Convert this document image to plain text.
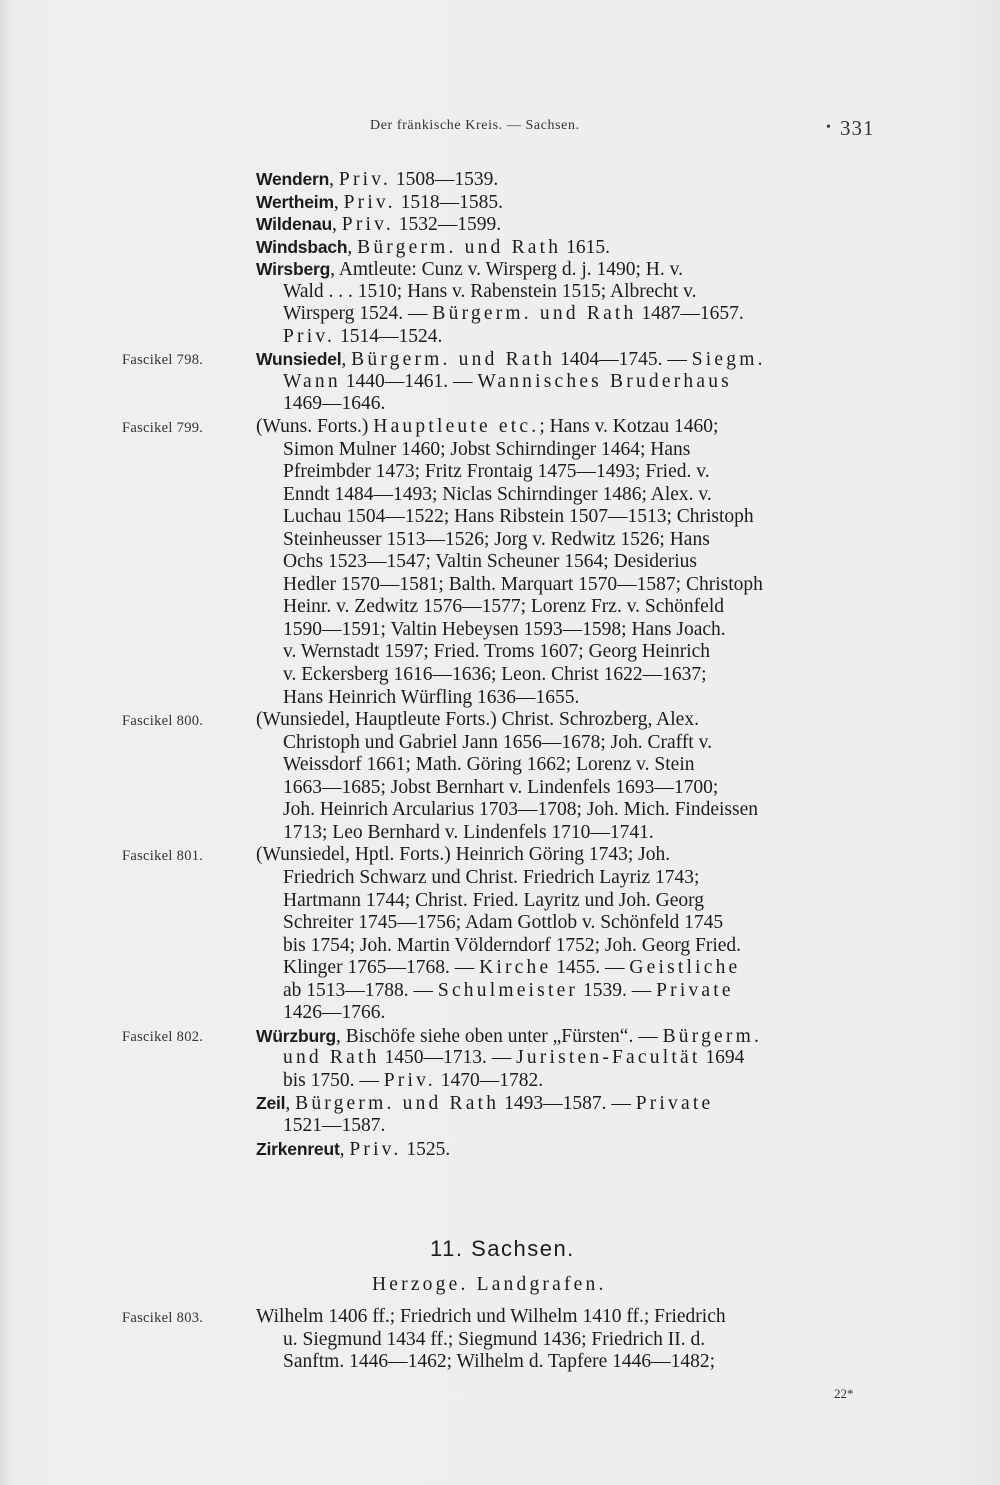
Der fränkische Kreis. — Sachsen.	• 331
Wendern, Priv. 1508—1539.
Wertheim, Priv. 1518—1585.
Wildenau, Priv. 1532—1599.
Windsbach, Bürgerm. und Rath 1615.
Wirsberg, Amtleute: Cunz v. Wirsperg d. j. 1490; H. v.
Wald . . . 1510; Hans v. Rabenstein 1515; Albrecht v.
Wirsperg 1524. — Bürgerm. und Rath 1487—1657.
Priv. 1514—1524.
Fascikel 798.	Wunsiedel, Bürgerm. und Rath 1404—1745. — Siegm.
Wann 1440—1461. — Wannisches Bruderhaus
1469—1646.
Fascikel 799.	(Wuns. Forts.) Hauptleute etc.; Hans v. Kotzau 1460;
Simon Mulner 1460; Jobst Schirndinger 1464; Hans
Pfreimbder 1473; Fritz Frontaig 1475—1493; Fried. v.
Enndt 1484—1493; Niclas Schirndinger 1486; Alex. v.
Luchau 1504—1522; Hans Ribstein 1507—1513; Christoph
Steinheusser 1513—1526; Jorg v. Redwitz 1526; Hans
Ochs 1523—1547; Valtin Scheuner 1564; Desiderius
Hedler 1570—1581; Balth. Marquart 1570—1587; Christoph
Heinr. v. Zedwitz 1576—1577; Lorenz Frz. v. Schönfeld
1590—1591; Valtin Hebeysen 1593—1598; Hans Joach.
v. Wernstadt 1597; Fried. Troms 1607; Georg Heinrich
v. Eckersberg 1616—1636; Leon. Christ 1622—1637;
Hans Heinrich Würfling 1636—1655.
Fascikel 800.	(Wunsiedel, Hauptleute Forts.) Christ. Schrozberg, Alex.
Christoph und Gabriel Jann 1656—1678; Joh. Crafft v.
Weissdorf 1661; Math. Göring 1662; Lorenz v. Stein
1663—1685; Jobst Bernhart v. Lindenfels 1693—1700;
Joh. Heinrich Arcularius 1703—1708; Joh. Mich. Findeissen
1713; Leo Bernhard v. Lindenfels 1710—1741.
Fascikel 801.	(Wunsiedel, Hptl. Forts.) Heinrich Göring 1743; Joh.
Friedrich Schwarz und Christ. Friedrich Layriz 1743;
Hartmann 1744; Christ. Fried. Layritz und Joh. Georg
Schreiter 1745—1756; Adam Gottlob v. Schönfeld 1745
bis 1754; Joh. Martin Völderndorf 1752; Joh. Georg Fried.
Klinger 1765—1768. — Kirche 1455. — Geistliche
ab 1513—1788. — Schulmeister 1539. — Private
1426—1766.
Fascikel 802.	Würzburg, Bischöfe siehe oben unter „Fürsten“. — Bürgerm.
und Rath 1450—1713. — Juristen-Facultät 1694
bis 1750. — Priv. 1470—1782.
Zeil, Bürgerm. und Rath 1493—1587. — Private
1521—1587.
Zirkenreut, Priv. 1525.
11. Sachsen.
Herzoge. Landgrafen.
Fascikel 803.	Wilhelm 1406 ff.; Friedrich und Wilhelm 1410 ff.; Friedrich
u. Siegmund 1434 ff.; Siegmund 1436; Friedrich II. d.
Sanftm. 1446—1462; Wilhelm d. Tapfere 1446—1482;
22*
